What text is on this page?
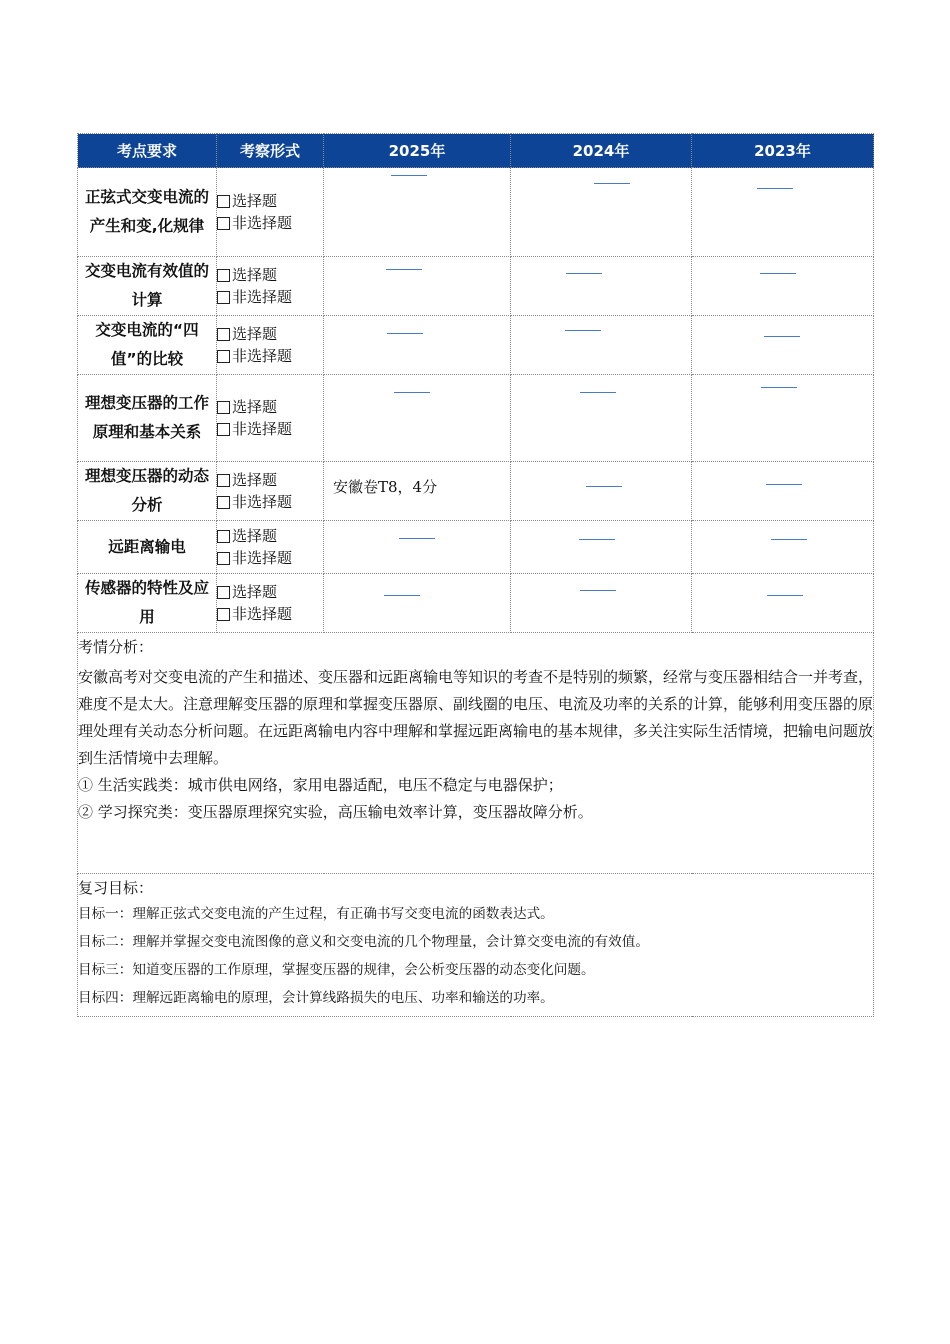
考点要求	考察形式	2025年	2024年	2023年
正弦式交变电流的产生和变,化规律	选择题
非选择题			

交变电流有效值的计算	选择题
非选择题			

交变电流的“四值”的比较	选择题
非选择题			

理想变压器的工作原理和基本关系	选择题
非选择题			

理想变压器的动态分析	选择题
非选择题	安徽卷T8，4分		

远距离输电	选择题
非选择题			

传感器的特性及应用	选择题
非选择题			

考情分析：
安徽高考对交变电流的产生和描述、变压器和远距离输电等知识的考查不是特别的频繁，经常与变压器相结合一并考查，难度不是太大。注意理解变压器的原理和掌握变压器原、副线圈的电压、电流及功率的关系的计算，能够利用变压器的原理处理有关动态分析问题。在远距离输电内容中理解和掌握远距离输电的基本规律，多关注实际生活情境，把输电问题放到生活情境中去理解。
① 生活实践类：城市供电网络，家用电器适配，电压不稳定与电器保护；
② 学习探究类：变压器原理探究实验，高压输电效率计算，变压器故障分析。				

复习目标：
目标一：理解正弦式交变电流的产生过程，有正确书写交变电流的函数表达式。
目标二：理解并掌握交变电流图像的意义和交变电流的几个物理量，会计算交变电流的有效值。
目标三：知道变压器的工作原理，掌握变压器的规律，会公析变压器的动态变化问题。
目标四：理解远距离输电的原理，会计算线路损失的电压、功率和输送的功率。				
